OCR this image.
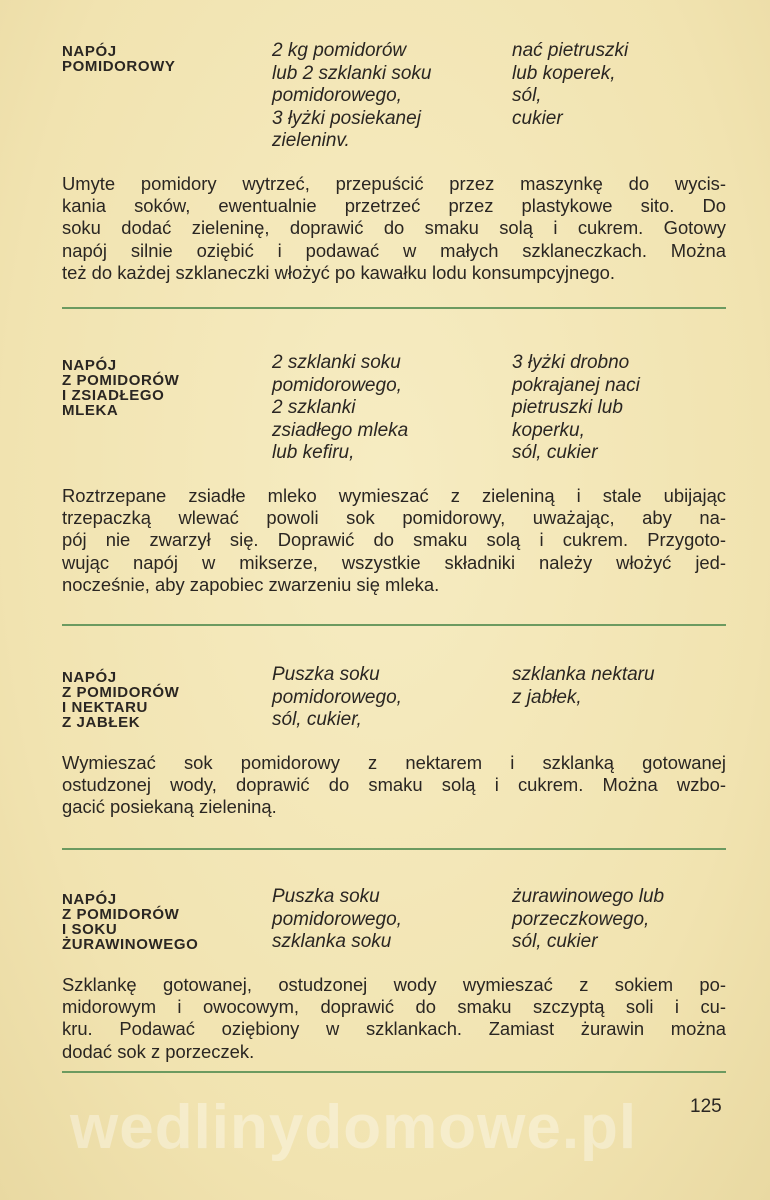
NAPÓJ
POMIDOROWY
2 kg pomidorów
lub 2 szklanki soku
pomidorowego,
3 łyżki posiekanej
zieleninv.
nać pietruszki
lub koperek,
sól,
cukier
Umyte pomidory wytrzeć, przepuścić przez maszynkę do wycis-
kania soków, ewentualnie przetrzeć przez plastykowe sito. Do
soku dodać zieleninę, doprawić do smaku solą i cukrem. Gotowy
napój silnie oziębić i podawać w małych szklaneczkach. Można
też do każdej szklaneczki włożyć po kawałku lodu konsumpcyjnego.
NAPÓJ
Z POMIDORÓW
I ZSIADŁEGO
MLEKA
2 szklanki soku
pomidorowego,
2 szklanki
zsiadłego mleka
lub kefiru,
3 łyżki drobno
pokrajanej naci
pietruszki lub
koperku,
sól, cukier
Roztrzepane zsiadłe mleko wymieszać z zieleniną i stale ubijając
trzepaczką wlewać powoli sok pomidorowy, uważając, aby na-
pój nie zwarzył się. Doprawić do smaku solą i cukrem. Przygoto-
wując napój w mikserze, wszystkie składniki należy włożyć jed-
nocześnie, aby zapobiec zwarzeniu się mleka.
NAPÓJ
Z POMIDORÓW
I NEKTARU
Z JABŁEK
Puszka soku
pomidorowego,
sól, cukier,
szklanka nektaru
z jabłek,
Wymieszać sok pomidorowy z nektarem i szklanką gotowanej
ostudzonej wody, doprawić do smaku solą i cukrem. Można wzbo-
gacić posiekaną zieleniną.
NAPÓJ
Z POMIDORÓW
I SOKU
ŻURAWINOWEGO
Puszka soku
pomidorowego,
szklanka soku
żurawinowego lub
porzeczkowego,
sól, cukier
Szklankę gotowanej, ostudzonej wody wymieszać z sokiem po-
midorowym i owocowym, doprawić do smaku szczyptą soli i cu-
kru. Podawać oziębiony w szklankach. Zamiast żurawin można
dodać sok z porzeczek.
wedlinydomowe.pl	125
